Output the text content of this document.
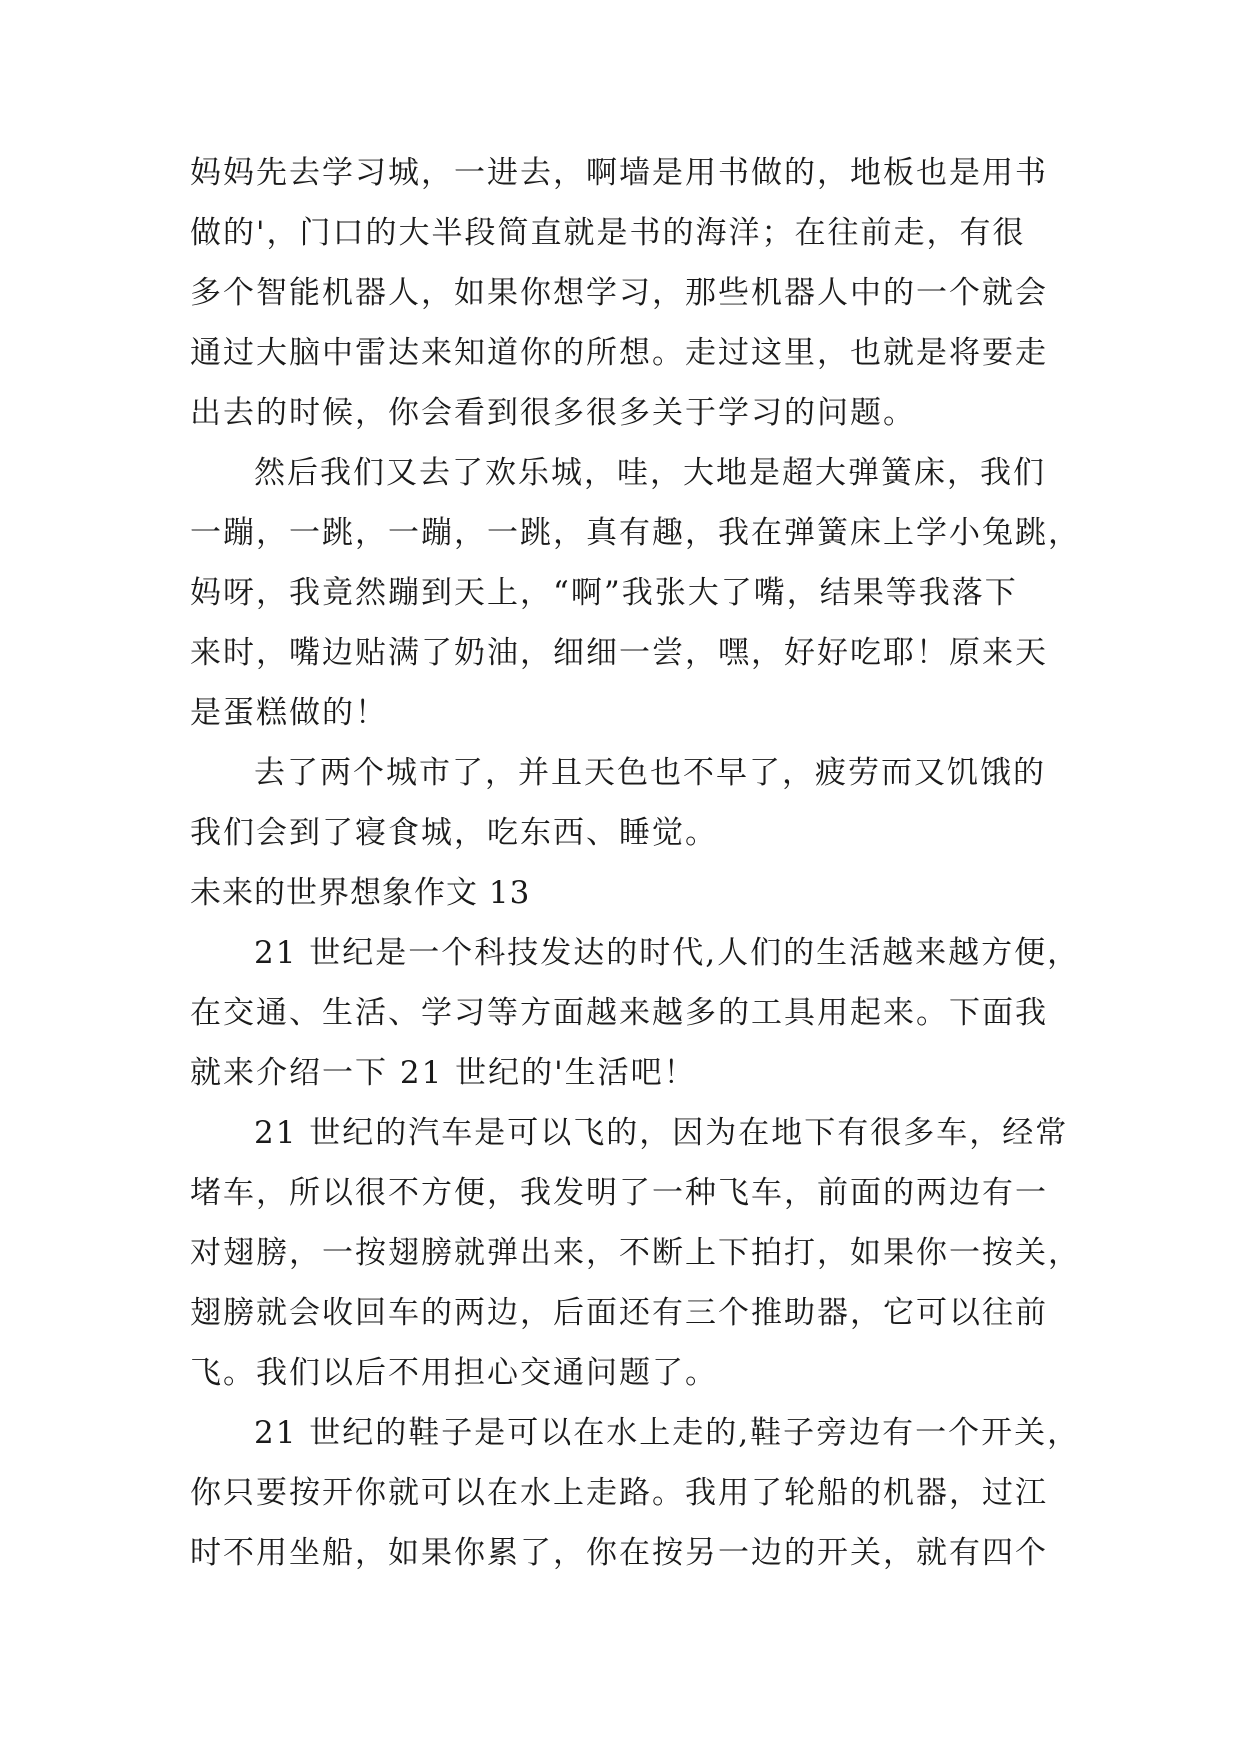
妈妈先去学习城，一进去，啊墙是用书做的，地板也是用书
做的'，门口的大半段简直就是书的海洋；在往前走，有很
多个智能机器人，如果你想学习，那些机器人中的一个就会
通过大脑中雷达来知道你的所想。走过这里，也就是将要走
出去的时候，你会看到很多很多关于学习的问题。
然后我们又去了欢乐城，哇，大地是超大弹簧床，我们
一蹦，一跳，一蹦，一跳，真有趣，我在弹簧床上学小兔跳，
妈呀，我竟然蹦到天上，“啊”我张大了嘴，结果等我落下
来时，嘴边贴满了奶油，细细一尝，嘿，好好吃耶！原来天
是蛋糕做的！
去了两个城市了，并且天色也不早了，疲劳而又饥饿的
我们会到了寝食城，吃东西、睡觉。
未来的世界想象作文 13
21 世纪是一个科技发达的时代,人们的生活越来越方便，
在交通、生活、学习等方面越来越多的工具用起来。下面我
就来介绍一下 21 世纪的'生活吧！
21 世纪的汽车是可以飞的，因为在地下有很多车，经常
堵车，所以很不方便，我发明了一种飞车，前面的两边有一
对翅膀，一按翅膀就弹出来，不断上下拍打，如果你一按关，
翅膀就会收回车的两边，后面还有三个推助器，它可以往前
飞。我们以后不用担心交通问题了。
21 世纪的鞋子是可以在水上走的,鞋子旁边有一个开关，
你只要按开你就可以在水上走路。我用了轮船的机器，过江
时不用坐船，如果你累了，你在按另一边的开关，就有四个
